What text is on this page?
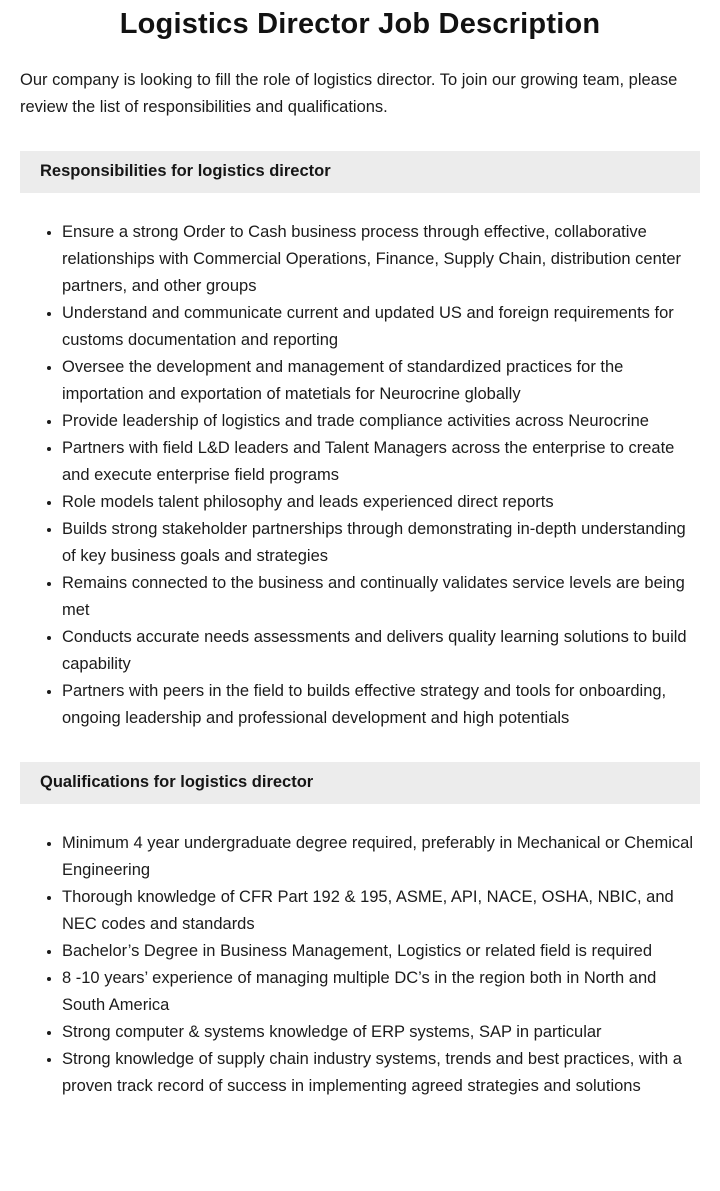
Logistics Director Job Description

Our company is looking to fill the role of logistics director. To join our growing team, please review the list of responsibilities and qualifications.

Responsibilities for logistics director
• Ensure a strong Order to Cash business process through effective, collaborative relationships with Commercial Operations, Finance, Supply Chain, distribution center partners, and other groups
• Understand and communicate current and updated US and foreign requirements for customs documentation and reporting
• Oversee the development and management of standardized practices for the importation and exportation of matetials for Neurocrine globally
• Provide leadership of logistics and trade compliance activities across Neurocrine
• Partners with field L&D leaders and Talent Managers across the enterprise to create and execute enterprise field programs
• Role models talent philosophy and leads experienced direct reports
• Builds strong stakeholder partnerships through demonstrating in-depth understanding of key business goals and strategies
• Remains connected to the business and continually validates service levels are being met
• Conducts accurate needs assessments and delivers quality learning solutions to build capability
• Partners with peers in the field to builds effective strategy and tools for onboarding, ongoing leadership and professional development and high potentials
Qualifications for logistics director
• Minimum 4 year undergraduate degree required, preferably in Mechanical or Chemical Engineering
• Thorough knowledge of CFR Part 192 & 195, ASME, API, NACE, OSHA, NBIC, and NEC codes and standards
• Bachelor’s Degree in Business Management, Logistics or related field is required
• 8 -10 years’ experience of managing multiple DC’s in the region both in North and South America
• Strong computer & systems knowledge of ERP systems, SAP in particular
• Strong knowledge of supply chain industry systems, trends and best practices, with a proven track record of success in implementing agreed strategies and solutions
